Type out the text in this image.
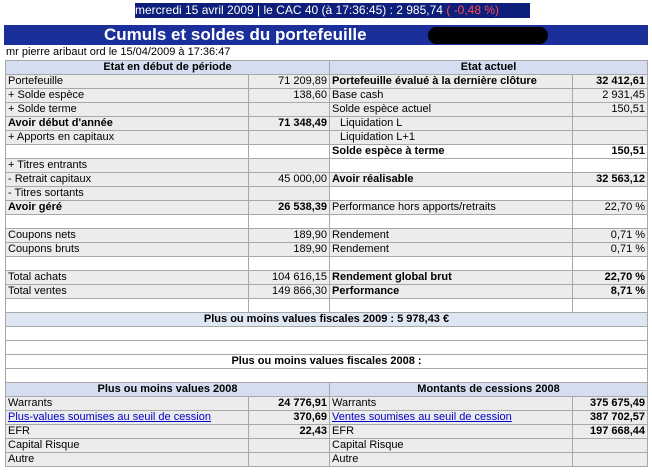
mercredi 15 avril 2009 | le CAC 40 (à 17:36:45) : 2 985,74 ( -0,48 %)
Cumuls et soldes du portefeuille
mr pierre aribaut ord le 15/04/2009 à 17:36:47
Etat en début de période		Etat actuel	
Portefeuille	71 209,89	Portefeuille évalué à la dernière clôture	32 412,61
+ Solde espèce	138,60	Base cash	2 931,45
+ Solde terme		Solde espèce actuel	150,51
Avoir début d'année	71 348,49	Liquidation L	
+ Apports en capitaux		Liquidation L+1	
		Solde espèce à terme	150,51
+ Titres entrants			
- Retrait capitaux	45 000,00	Avoir réalisable	32 563,12
- Titres sortants			
Avoir géré	26 538,39	Performance hors apports/retraits	22,70 %

Coupons nets	189,90	Rendement	0,71 %
Coupons bruts	189,90	Rendement	0,71 %

Total achats	104 616,15	Rendement global brut	22,70 %
Total ventes	149 866,30	Performance	8,71 %

Plus ou moins values fiscales 2009 : 5 978,43 €			

Plus ou moins values fiscales 2008 :			

Plus ou moins values 2008		Montants de cessions 2008	
Warrants	24 776,91	Warrants	375 675,49
Plus-values soumises au seuil de cession	370,69	Ventes soumises au seuil de cession	387 702,57
EFR	22,43	EFR	197 668,44
Capital Risque		Capital Risque	
Autre		Autre	
